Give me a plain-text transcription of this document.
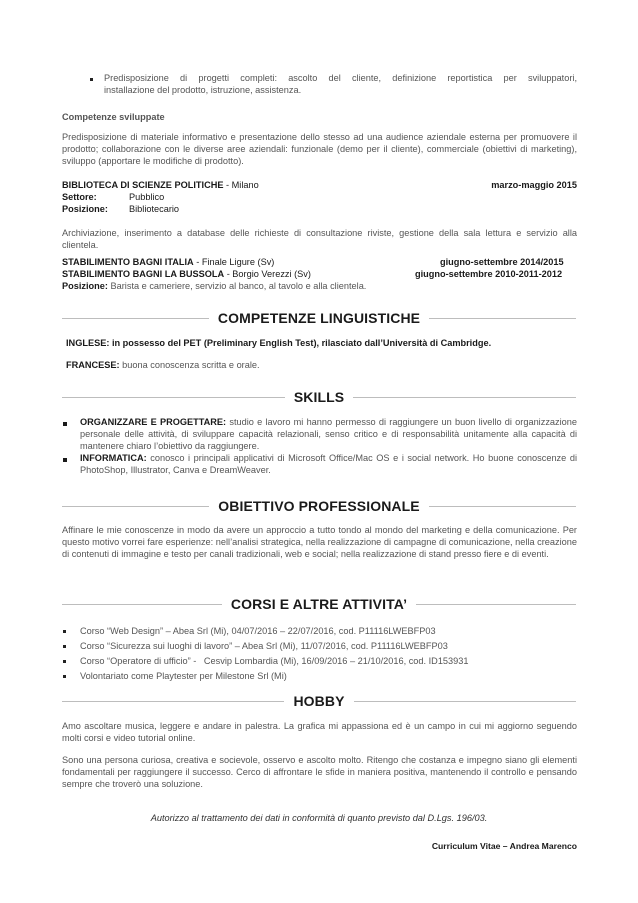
Predisposizione di progetti completi: ascolto del cliente, definizione reportistica per sviluppatori,
installazione del prodotto, istruzione, assistenza.
Competenze sviluppate
Predisposizione di materiale informativo e presentazione dello stesso ad una audience aziendale esterna per promuovere il prodotto; collaborazione con le diverse aree aziendali: funzionale (demo per il cliente), commerciale (obiettivi di marketing), sviluppo (apportare le modifiche di prodotto).
BIBLIOTECA DI SCIENZE POLITICHE - Milano	marzo-maggio 2015
Settore:	Pubblico
Posizione: Bibliotecario
Archiviazione, inserimento a database delle richieste di consultazione riviste, gestione della sala lettura e servizio alla clientela.
STABILIMENTO BAGNI ITALIA - Finale Ligure (Sv)	giugno-settembre 2014/2015
STABILIMENTO BAGNI LA BUSSOLA - Borgio Verezzi (Sv)	giugno-settembre 2010-2011-2012
Posizione: Barista e cameriere, servizio al banco, al tavolo e alla clientela.
COMPETENZE LINGUISTICHE
INGLESE: in possesso del PET (Preliminary English Test), rilasciato dall’Università di Cambridge.
FRANCESE: buona conoscenza scritta e orale.
SKILLS
ORGANIZZARE E PROGETTARE: studio e lavoro mi hanno permesso di raggiungere un buon livello di organizzazione personale delle attività, di sviluppare capacità relazionali, senso critico e di responsabilità unitamente alla capacità di mantenere chiaro l’obiettivo da raggiungere.
INFORMATICA: conosco i principali applicativi di Microsoft Office/Mac OS e i social network. Ho buone conoscenze di PhotoShop, Illustrator, Canva e DreamWeaver.
OBIETTIVO PROFESSIONALE
Affinare le mie conoscenze in modo da avere un approccio a tutto tondo al mondo del marketing e della comunicazione. Per questo motivo vorrei fare esperienze: nell’analisi strategica, nella realizzazione di campagne di comunicazione, nella creazione di contenuti di immagine e testo per canali tradizionali, web e social; nella realizzazione di stand presso fiere e di eventi.
CORSI E ALTRE ATTIVITA’
Corso “Web Design” – Abea Srl (Mi), 04/07/2016 – 22/07/2016, cod. P11116LWEBFP03
Corso “Sicurezza sui luoghi di lavoro” – Abea Srl (Mi), 11/07/2016, cod. P11116LWEBFP03
Corso “Operatore di ufficio” -   Cesvip Lombardia (Mi), 16/09/2016 – 21/10/2016, cod. ID153931
Volontariato come Playtester per Milestone Srl (Mi)
HOBBY
Amo ascoltare musica, leggere e andare in palestra. La grafica mi appassiona ed è un campo in cui mi aggiorno seguendo molti corsi e video tutorial online.
Sono una persona curiosa, creativa e socievole, osservo e ascolto molto. Ritengo che costanza e impegno siano gli elementi fondamentali per raggiungere il successo. Cerco di affrontare le sfide in maniera positiva, mantenendo il controllo e pensando sempre che troverò una soluzione.
Autorizzo al trattamento dei dati in conformità di quanto previsto dal D.Lgs. 196/03.
Curriculum Vitae – Andrea Marenco
